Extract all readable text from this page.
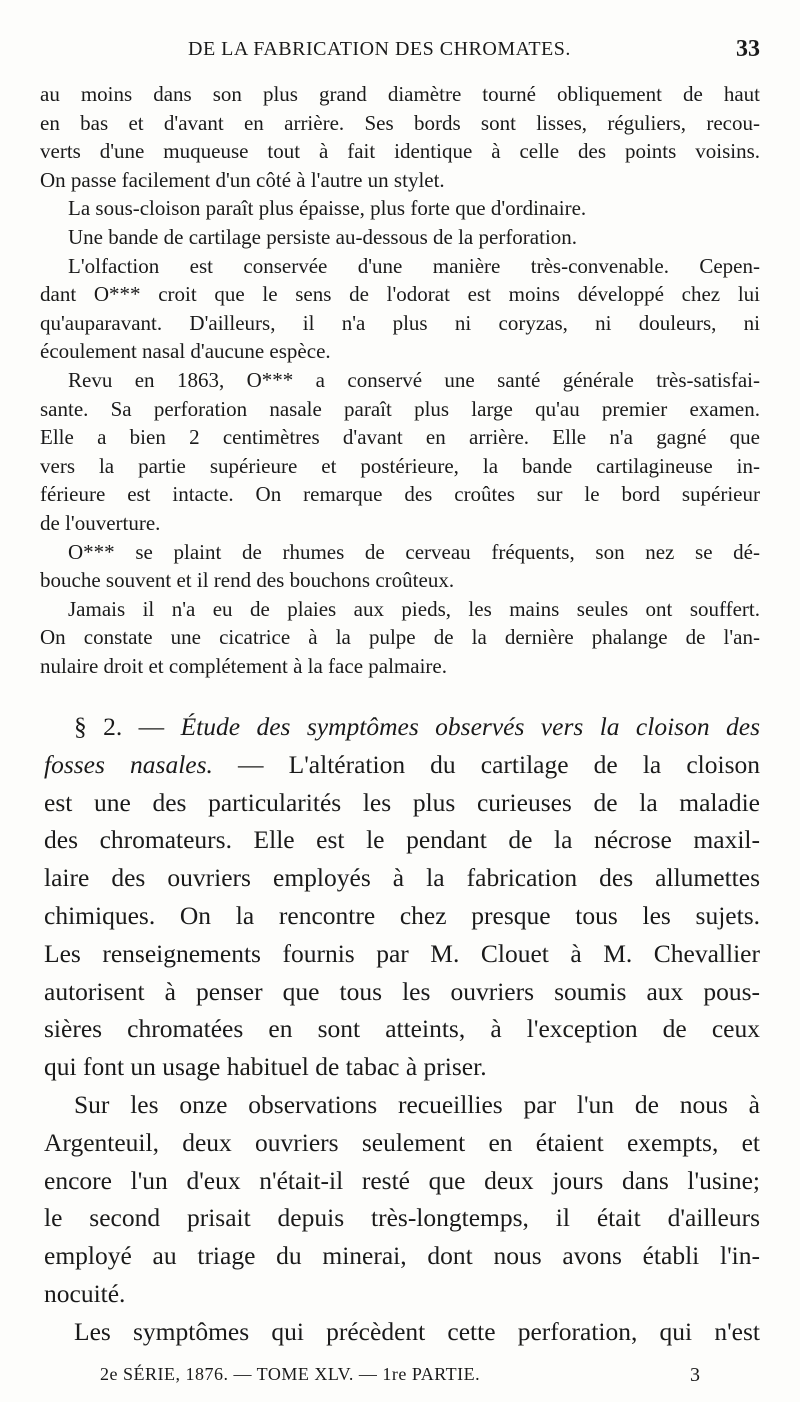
DE LA FABRICATION DES CHROMATES.	33
au moins dans son plus grand diamètre tourné obliquement de haut
en bas et d'avant en arrière. Ses bords sont lisses, réguliers, recou-
verts d'une muqueuse tout à fait identique à celle des points voisins.
On passe facilement d'un côté à l'autre un stylet.
La sous-cloison paraît plus épaisse, plus forte que d'ordinaire.
Une bande de cartilage persiste au-dessous de la perforation.
L'olfaction est conservée d'une manière très-convenable. Cepen-
dant O*** croit que le sens de l'odorat est moins développé chez lui
qu'auparavant. D'ailleurs, il n'a plus ni coryzas, ni douleurs, ni
écoulement nasal d'aucune espèce.
Revu en 1863, O*** a conservé une santé générale très-satisfai-
sante. Sa perforation nasale paraît plus large qu'au premier examen.
Elle a bien 2 centimètres d'avant en arrière. Elle n'a gagné que
vers la partie supérieure et postérieure, la bande cartilagineuse in-
férieure est intacte. On remarque des croûtes sur le bord supérieur
de l'ouverture.
O*** se plaint de rhumes de cerveau fréquents, son nez se dé-
bouche souvent et il rend des bouchons croûteux.
Jamais il n'a eu de plaies aux pieds, les mains seules ont souffert.
On constate une cicatrice à la pulpe de la dernière phalange de l'an-
nulaire droit et complétement à la face palmaire.
§ 2. — Étude des symptômes observés vers la cloison des
fosses nasales. — L'altération du cartilage de la cloison
est une des particularités les plus curieuses de la maladie
des chromateurs. Elle est le pendant de la nécrose maxil-
laire des ouvriers employés à la fabrication des allumettes
chimiques. On la rencontre chez presque tous les sujets.
Les renseignements fournis par M. Clouet à M. Chevallier
autorisent à penser que tous les ouvriers soumis aux pous-
sières chromatées en sont atteints, à l'exception de ceux
qui font un usage habituel de tabac à priser.
Sur les onze observations recueillies par l'un de nous à
Argenteuil, deux ouvriers seulement en étaient exempts, et
encore l'un d'eux n'était-il resté que deux jours dans l'usine;
le second prisait depuis très-longtemps, il était d'ailleurs
employé au triage du minerai, dont nous avons établi l'in-
nocuité.
Les symptômes qui précèdent cette perforation, qui n'est
2e SÉRIE, 1876. — TOME XLV. — 1re PARTIE.	3
